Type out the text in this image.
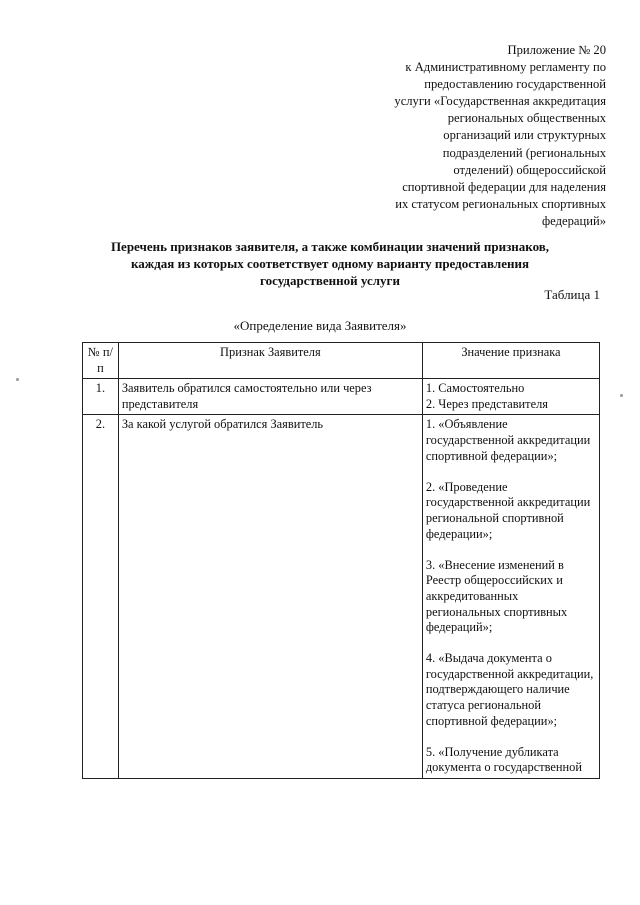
Приложение № 20
к Административному регламенту по
предоставлению государственной
услуги «Государственная аккредитация
региональных общественных
организаций или структурных
подразделений (региональных
отделений) общероссийской
спортивной федерации для наделения
их статусом региональных спортивных
федераций»
Перечень признаков заявителя, а также комбинации значений признаков,
каждая из которых соответствует одному варианту предоставления
государственной услуги
Таблица 1
«Определение вида Заявителя»
№ п/п	Признак Заявителя	Значение признака
1.	Заявитель обратился самостоятельно или через представителя	1. Самостоятельно
2. Через представителя

2.	За какой услугой обратился Заявитель	1. «Объявление государственной аккредитации спортивной федерации»;
2. «Проведение государственной аккредитации региональной спортивной федерации»;
3. «Внесение изменений в Реестр общероссийских и аккредитованных региональных спортивных федераций»;
4. «Выдача документа о государственной аккредитации, подтверждающего наличие статуса региональной спортивной федерации»;
5. «Получение дубликата документа о государственной
